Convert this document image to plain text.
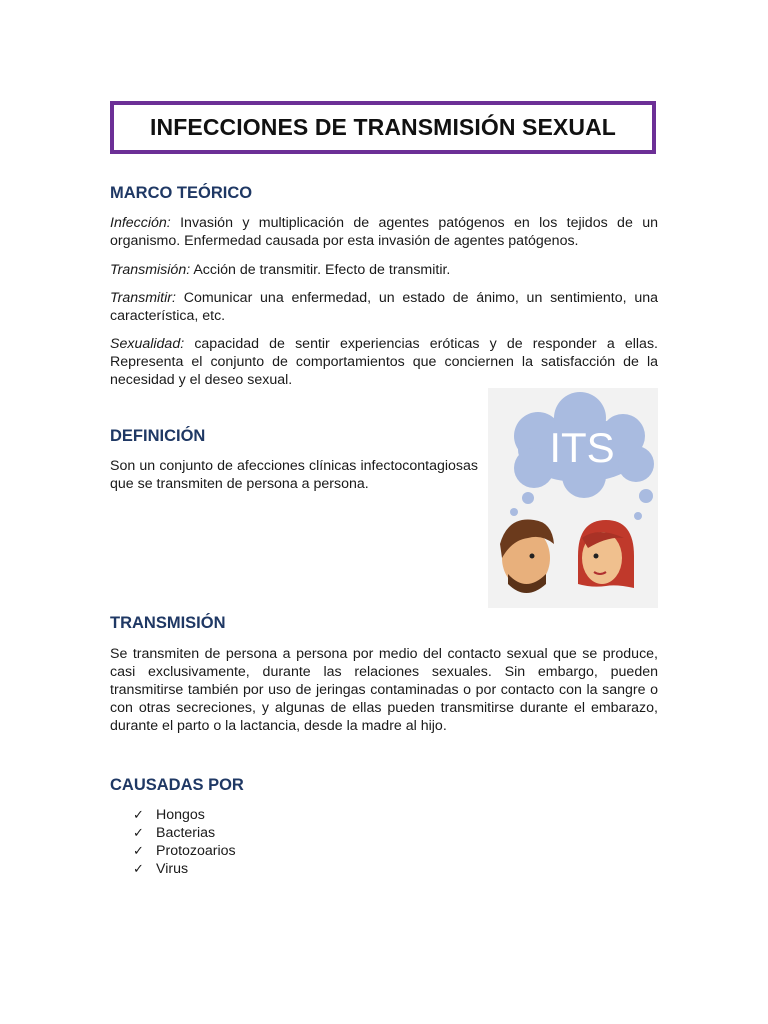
INFECCIONES DE TRANSMISIÓN SEXUAL
MARCO TEÓRICO

Infección: Invasión y multiplicación de agentes patógenos en los tejidos de un organismo. Enfermedad causada por esta invasión de agentes patógenos.

Transmisión: Acción de transmitir. Efecto de transmitir.

Transmitir: Comunicar una enfermedad, un estado de ánimo, un sentimiento, una característica, etc.

Sexualidad: capacidad de sentir experiencias eróticas y de responder a ellas. Representa el conjunto de comportamientos que conciernen la satisfacción de la necesidad y el deseo sexual.

DEFINICIÓN

Son un conjunto de afecciones clínicas infectocontagiosas que se transmiten de persona a persona.

ITS
TRANSMISIÓN

Se transmiten de persona a persona por medio del contacto sexual que se produce, casi exclusivamente, durante las relaciones sexuales. Sin embargo, pueden transmitirse también por uso de jeringas contaminadas o por contacto con la sangre o con otras secreciones, y algunas de ellas pueden transmitirse durante el embarazo, durante el parto o la lactancia, desde la madre al hijo.

CAUSADAS POR
✓ Hongos
✓ Bacterias
✓ Protozoarios
✓ Virus
